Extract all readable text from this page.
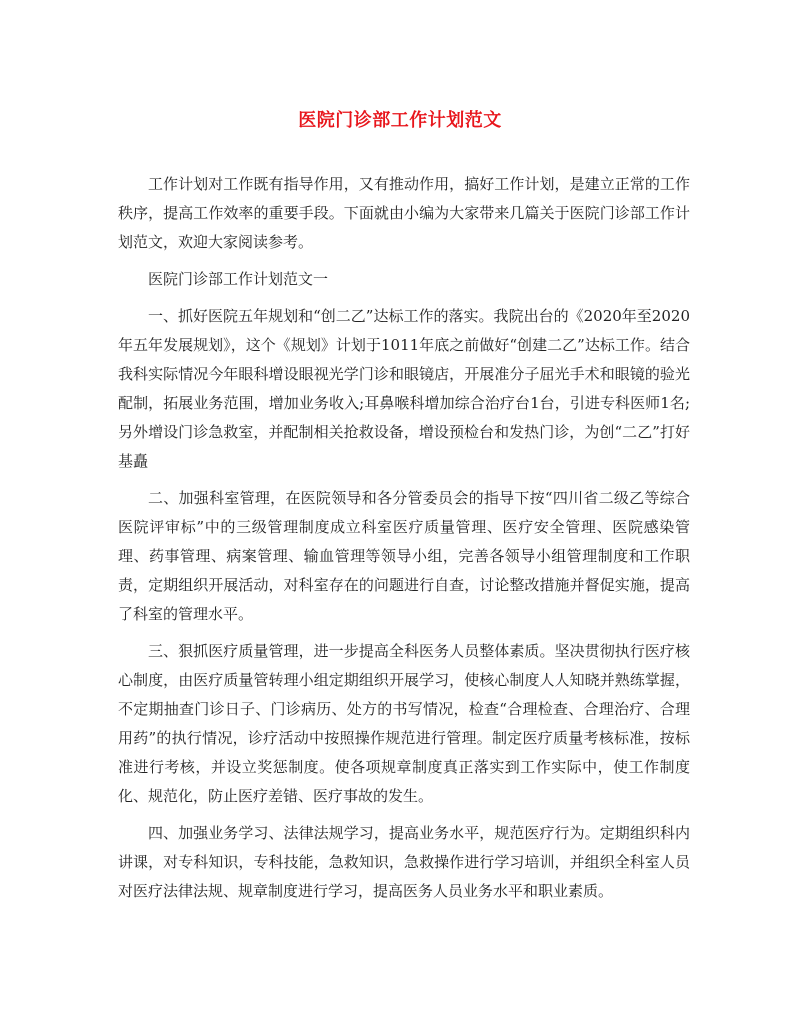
医院门诊部工作计划范文

工作计划对工作既有指导作用，又有推动作用，搞好工作计划，是建立正常的工作秩序，提高工作效率的重要手段。下面就由小编为大家带来几篇关于医院门诊部工作计划范文，欢迎大家阅读参考。

医院门诊部工作计划范文一

一、抓好医院五年规划和“创二乙”达标工作的落实。我院出台的《2020年至2020年五年发展规划》，这个《规划》计划于1011年底之前做好“创建二乙”达标工作。结合我科实际情况今年眼科增设眼视光学门诊和眼镜店，开展准分子屈光手术和眼镜的验光配制，拓展业务范围，增加业务收入;耳鼻喉科增加综合治疗台1台，引进专科医师1名;另外增设门诊急救室，并配制相关抢救设备，增设预检台和发热门诊，为创“二乙”打好基矗

二、加强科室管理，在医院领导和各分管委员会的指导下按“四川省二级乙等综合医院评审标”中的三级管理制度成立科室医疗质量管理、医疗安全管理、医院感染管理、药事管理、病案管理、输血管理等领导小组，完善各领导小组管理制度和工作职责，定期组织开展活动，对科室存在的问题进行自查，讨论整改措施并督促实施，提高了科室的管理水平。

三、狠抓医疗质量管理，进一步提高全科医务人员整体素质。坚决贯彻执行医疗核心制度，由医疗质量管转理小组定期组织开展学习，使核心制度人人知晓并熟练掌握，不定期抽查门诊日子、门诊病历、处方的书写情况，检查“合理检查、合理治疗、合理用药”的执行情况，诊疗活动中按照操作规范进行管理。制定医疗质量考核标准，按标准进行考核，并设立奖惩制度。使各项规章制度真正落实到工作实际中，使工作制度化、规范化，防止医疗差错、医疗事故的发生。

四、加强业务学习、法律法规学习，提高业务水平，规范医疗行为。定期组织科内讲课，对专科知识，专科技能，急救知识，急救操作进行学习培训，并组织全科室人员对医疗法律法规、规章制度进行学习，提高医务人员业务水平和职业素质。
